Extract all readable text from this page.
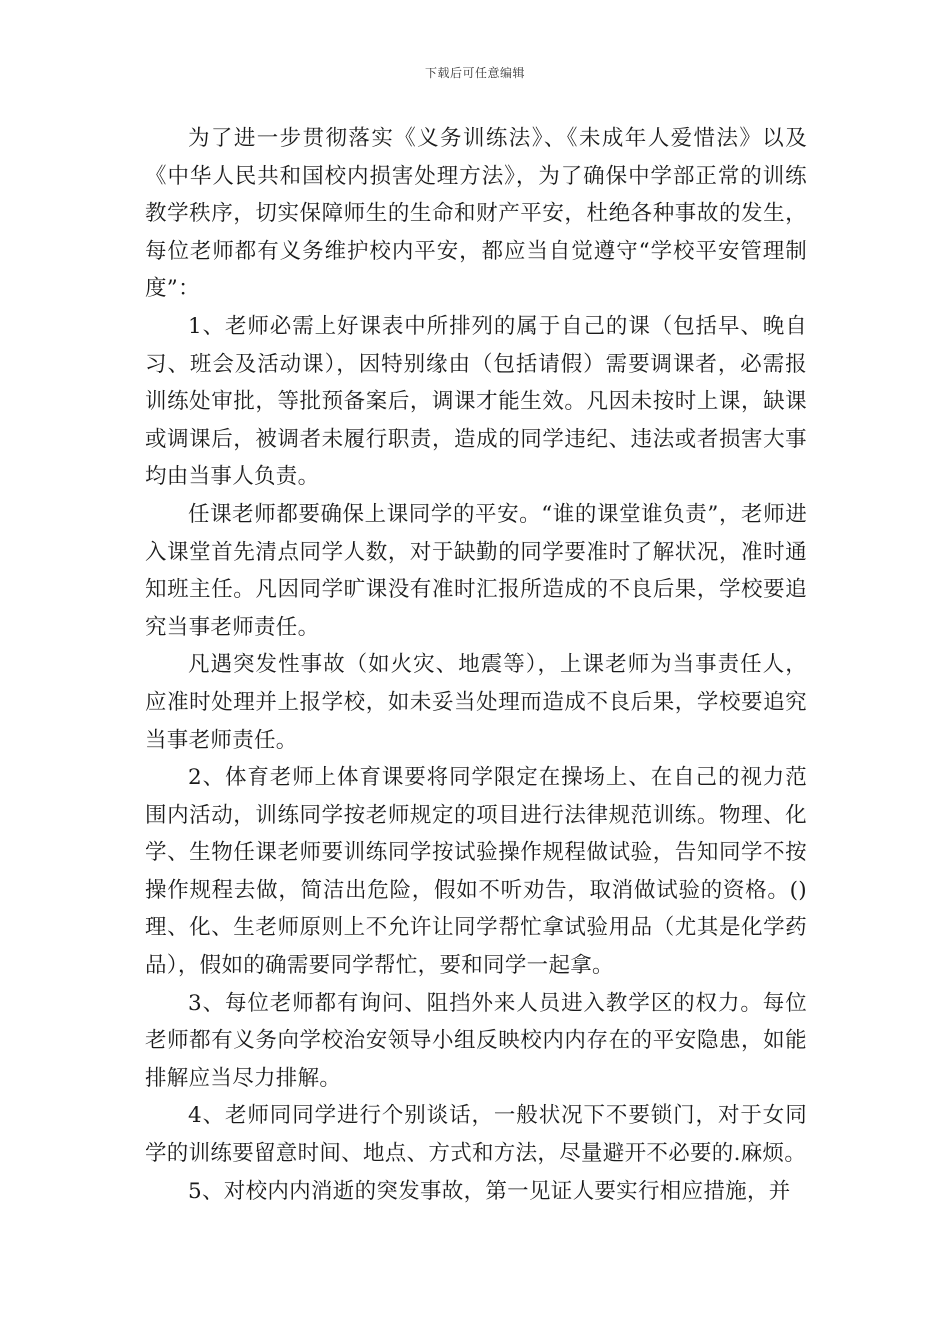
下载后可任意编辑

为了进一步贯彻落实《义务训练法》、《未成年人爱惜法》以及《中华人民共和国校内损害处理方法》，为了确保中学部正常的训练教学秩序，切实保障师生的生命和财产平安，杜绝各种事故的发生，每位老师都有义务维护校内平安，都应当自觉遵守“学校平安管理制度”：

1、老师必需上好课表中所排列的属于自己的课（包括早、晚自习、班会及活动课），因特别缘由（包括请假）需要调课者，必需报训练处审批，等批预备案后，调课才能生效。凡因未按时上课，缺课或调课后，被调者未履行职责，造成的同学违纪、违法或者损害大事均由当事人负责。

任课老师都要确保上课同学的平安。“谁的课堂谁负责”，老师进入课堂首先清点同学人数，对于缺勤的同学要准时了解状况，准时通知班主任。凡因同学旷课没有准时汇报所造成的不良后果，学校要追究当事老师责任。

凡遇突发性事故（如火灾、地震等），上课老师为当事责任人，应准时处理并上报学校，如未妥当处理而造成不良后果，学校要追究当事老师责任。

2、体育老师上体育课要将同学限定在操场上、在自己的视力范围内活动，训练同学按老师规定的项目进行法律规范训练。物理、化学、生物任课老师要训练同学按试验操作规程做试验，告知同学不按操作规程去做，简洁出危险，假如不听劝告，取消做试验的资格。()理、化、生老师原则上不允许让同学帮忙拿试验用品（尤其是化学药品），假如的确需要同学帮忙，要和同学一起拿。

3、每位老师都有询问、阻挡外来人员进入教学区的权力。每位老师都有义务向学校治安领导小组反映校内内存在的平安隐患，如能排解应当尽力排解。

4、老师同同学进行个别谈话，一般状况下不要锁门，对于女同学的训练要留意时间、地点、方式和方法，尽量避开不必要的.麻烦。

5、对校内内消逝的突发事故，第一见证人要实行相应措施，并
